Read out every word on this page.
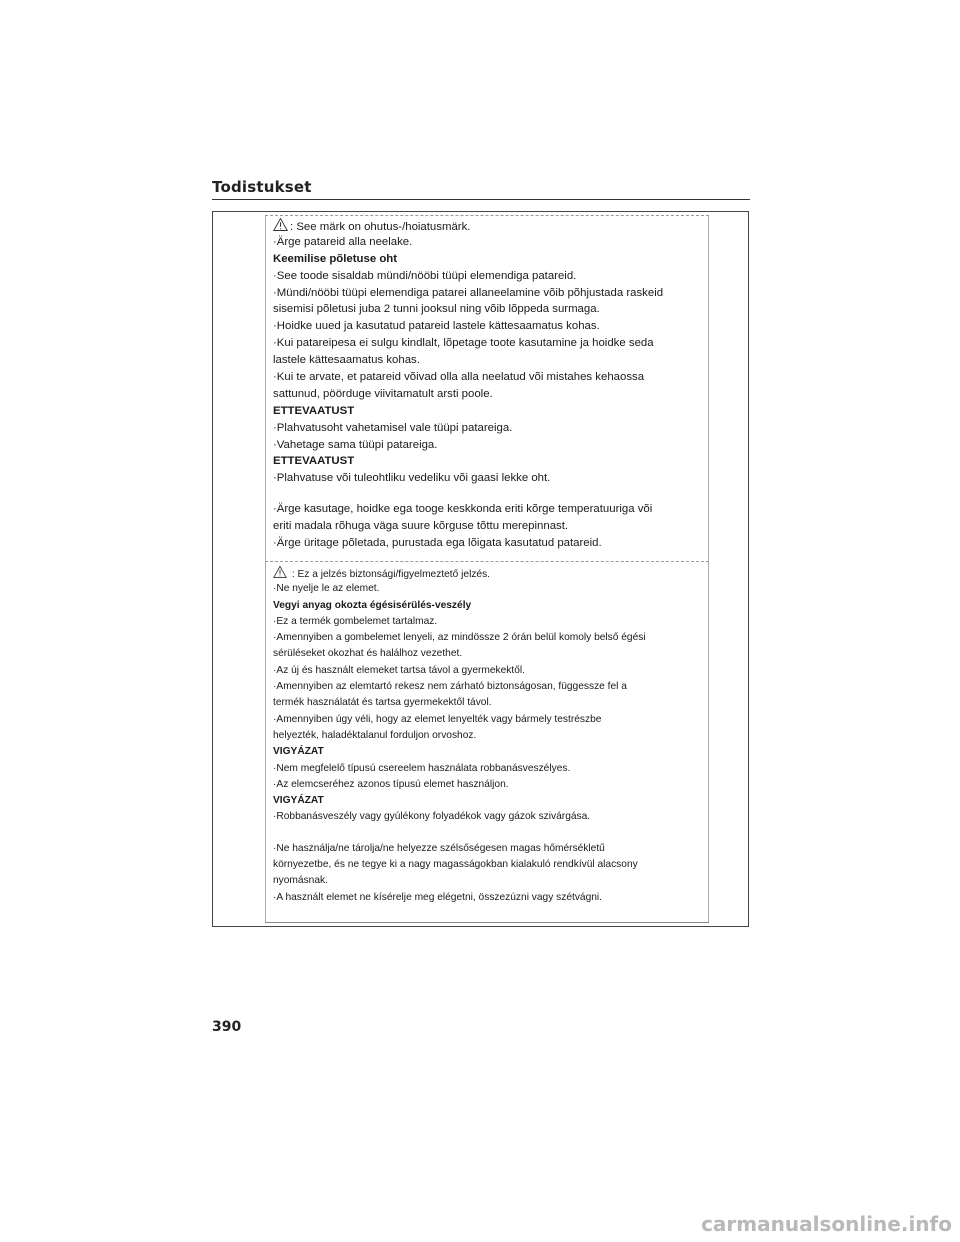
Todistukset
: See märk on ohutus-/hoiatusmärk.
·Ärge patareid alla neelake.
Keemilise põletuse oht
·See toode sisaldab mündi/nööbi tüüpi elemendiga patareid.
·Mündi/nööbi tüüpi elemendiga patarei allaneelamine võib põhjustada raskeid
sisemisi põletusi juba 2 tunni jooksul ning võib lõppeda surmaga.
·Hoidke uued ja kasutatud patareid lastele kättesaamatus kohas.
·Kui patareipesa ei sulgu kindlalt, lõpetage toote kasutamine ja hoidke seda
lastele kättesaamatus kohas.
·Kui te arvate, et patareid võivad olla alla neelatud või mistahes kehaossa
sattunud, pöörduge viivitamatult arsti poole.
ETTEVAATUST
·Plahvatusoht vahetamisel vale tüüpi patareiga.
·Vahetage sama tüüpi patareiga.
ETTEVAATUST
·Plahvatuse või tuleohtliku vedeliku või gaasi lekke oht.
·Ärge kasutage, hoidke ega tooge keskkonda eriti kõrge temperatuuriga või
eriti madala rõhuga väga suure kõrguse tõttu merepinnast.
·Ärge üritage põletada, purustada ega lõigata kasutatud patareid.
: Ez a jelzés biztonsági/figyelmeztető jelzés.
·Ne nyelje le az elemet.
Vegyi anyag okozta égésisérülés-veszély
·Ez a termék gombelemet tartalmaz.
·Amennyiben a gombelemet lenyeli, az mindössze 2 órán belül komoly belső égési
sérüléseket okozhat és halálhoz vezethet.
·Az új és használt elemeket tartsa távol a gyermekektől.
·Amennyiben az elemtartó rekesz nem zárható biztonságosan, függessze fel a
termék használatát és tartsa gyermekektől távol.
·Amennyiben úgy véli, hogy az elemet lenyelték vagy bármely testrészbe
helyezték, haladéktalanul forduljon orvoshoz.
VIGYÁZAT
·Nem megfelelő típusú csereelem használata robbanásveszélyes.
·Az elemcseréhez azonos típusú elemet használjon.
VIGYÁZAT
·Robbanásveszély vagy gyúlékony folyadékok vagy gázok szivárgása.
·Ne használja/ne tárolja/ne helyezze szélsőségesen magas hőmérsékletű
környezetbe, és ne tegye ki a nagy magasságokban kialakuló rendkívül alacsony
nyomásnak.
·A használt elemet ne kísérelje meg elégetni, összezúzni vagy szétvágni.
390
carmanualsonline.info
